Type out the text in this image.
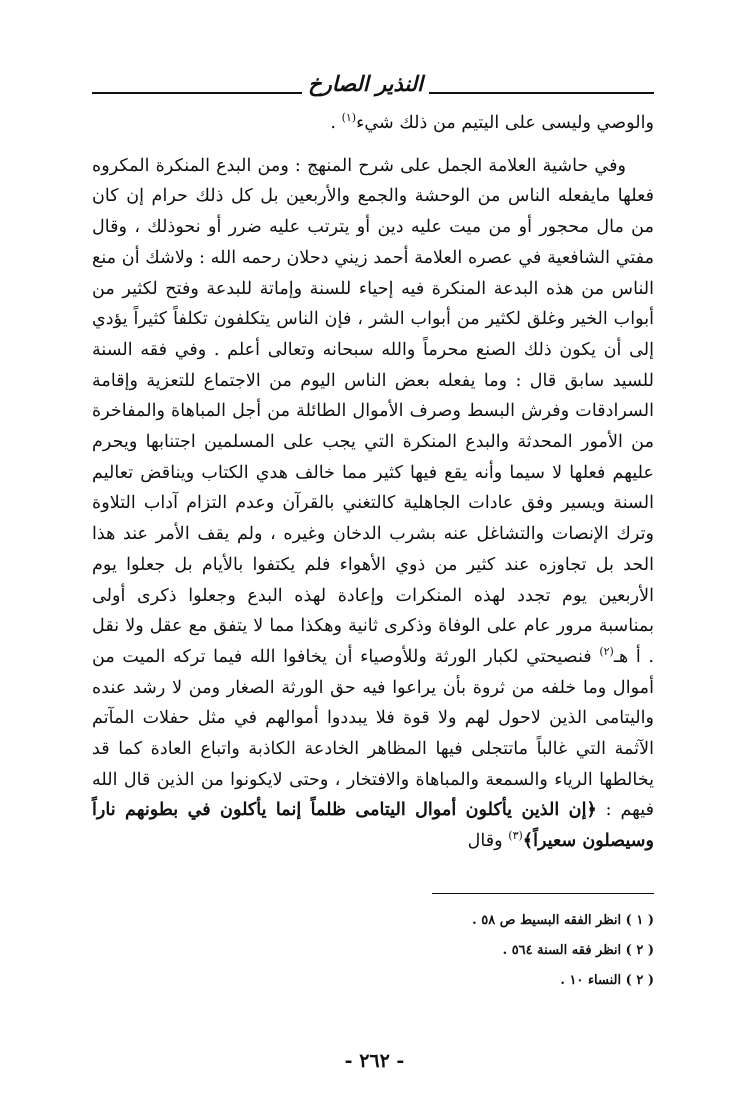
النذير الصارخ

والوصي وليسى على اليتيم من ذلك شيء$^{(١)}$ .

وفي حاشية العلامة الجمل على شرح المنهج : ومن البدع المنكرة المكروه فعلها مايفعله الناس من الوحشة والجمع والأربعين بل كل ذلك حرام إن كان من مال محجور أو من ميت عليه دين أو يترتب عليه ضرر أو نحوذلك ، وقال مفتي الشافعية في عصره العلامة أحمد زيني دحلان رحمه الله : ولاشك أن منع الناس من هذه البدعة المنكرة فيه إحياء للسنة وإماتة للبدعة وفتح لكثير من أبواب الخير وغلق لكثير من أبواب الشر ، فإن الناس يتكلفون تكلفاً كثيراً يؤدي إلى أن يكون ذلك الصنع محرماً والله سبحانه وتعالى أعلم . وفي فقه السنة للسيد سابق قال : وما يفعله بعض الناس اليوم من الاجتماع للتعزية وإقامة السرادقات وفرش البسط وصرف الأموال الطائلة من أجل المباهاة والمفاخرة من الأمور المحدثة والبدع المنكرة التي يجب على المسلمين اجتنابها ويحرم عليهم فعلها لا سيما وأنه يقع فيها كثير مما خالف هدي الكتاب ويناقض تعاليم السنة ويسير وفق عادات الجاهلية كالتغني بالقرآن وعدم التزام آداب التلاوة وترك الإنصات والتشاغل عنه بشرب الدخان وغيره ، ولم يقف الأمر عند هذا الحد بل تجاوزه عند كثير من ذوي الأهواء فلم يكتفوا بالأيام بل جعلوا يوم الأربعين يوم تجدد لهذه المنكرات وإعادة لهذه البدع وجعلوا ذكرى أولى بمناسبة مرور عام على الوفاة وذكرى ثانية وهكذا مما لا يتفق مع عقل ولا نقل . أ هـ$^{(٢)}$ فنصيحتي لكبار الورثة وللأوصياء أن يخافوا الله فيما تركه الميت من أموال وما خلفه من ثروة بأن يراعوا فيه حق الورثة الصغار ومن لا رشد عنده واليتامى الذين لاحول لهم ولا قوة فلا يبددوا أموالهم في مثل حفلات المآتم الآثمة التي غالباً ماتتجلى فيها المظاهر الخادعة الكاذبة واتباع العادة كما قد يخالطها الرياء والسمعة والمباهاة والافتخار ، وحتى لايكونوا من الذين قال الله فيهم : ﴿إن الذين يأكلون أموال اليتامى ظلماً إنما يأكلون في بطونهم ناراً وسيصلون سعيراً﴾$^{(٣)}$ وقال

( ١ ) انظر الفقه البسيط ص ٥٨ .
( ٢ ) انظر فقه السنة ٥٦٤ .
( ٢ ) النساء ١٠ .
- ٢٦٢ -
